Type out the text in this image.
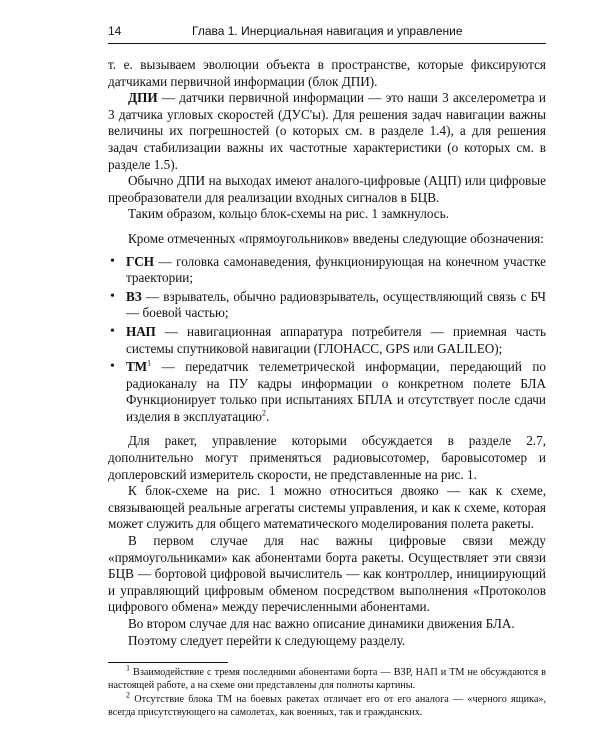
14	Глава 1. Инерциальная навигация и управление

т. е. вызываем эволюции объекта в пространстве, которые фиксируются датчиками первичной информации (блок ДПИ).

ДПИ — датчики первичной информации — это наши 3 акселерометра и 3 датчика угловых скоростей (ДУС'ы). Для решения задач навигации важны величины их погрешностей (о которых см. в разделе 1.4), а для решения задач стабилизации важны их частотные характеристики (о которых см. в разделе 1.5).

Обычно ДПИ на выходах имеют аналого-цифровые (АЦП) или цифровые преобразователи для реализации входных сигналов в БЦВ.

Таким образом, кольцо блок-схемы на рис. 1 замкнулось.

Кроме отмеченных «прямоугольников» введены следующие обозначения:

• ГСН — головка самонаведения, функционирующая на конечном участке траектории;
• ВЗ — взрыватель, обычно радиовзрыватель, осуществляющий связь с БЧ — боевой частью;
• НАП — навигационная аппаратура потребителя — приемная часть системы спутниковой навигации (ГЛОНАСС, GPS или GALILEO);
• $ТМ^1$ — передатчик телеметрической информации, передающий по радиоканалу на ПУ кадры информации о конкретном полете БЛА Функционирует только при испытаниях БПЛА и отсутствует после сдачи изделия в эксплуатацию$^2$.

Для ракет, управление которыми обсуждается в разделе 2.7, дополнительно могут применяться радиовысотомер, баровысотомер и доплеровский измеритель скорости, не представленные на рис. 1.

К блок-схеме на рис. 1 можно относиться двояко — как к схеме, связывающей реальные агрегаты системы управления, и как к схеме, которая может служить для общего математического моделирования полета ракеты.

В первом случае для нас важны цифровые связи между «прямоугольниками» как абонентами борта ракеты. Осуществляет эти связи БЦВ — бортовой цифровой вычислитель — как контроллер, инициирующий и управляющий цифровым обменом посредством выполнения «Протоколов цифрового обмена» между перечисленными абонентами.

Во втором случае для нас важно описание динамики движения БЛА.

Поэтому следует перейти к следующему разделу.

$^1$ Взаимодействие с тремя последними абонентами борта — ВЗР, НАП и ТМ не обсуждаются в настоящей работе, а на схеме они представлены для полноты картины.

$^2$ Отсутствие блока ТМ на боевых ракетах отличает его от его аналога — «черного ящика», всегда присутствующего на самолетах, как военных, так и гражданских.
